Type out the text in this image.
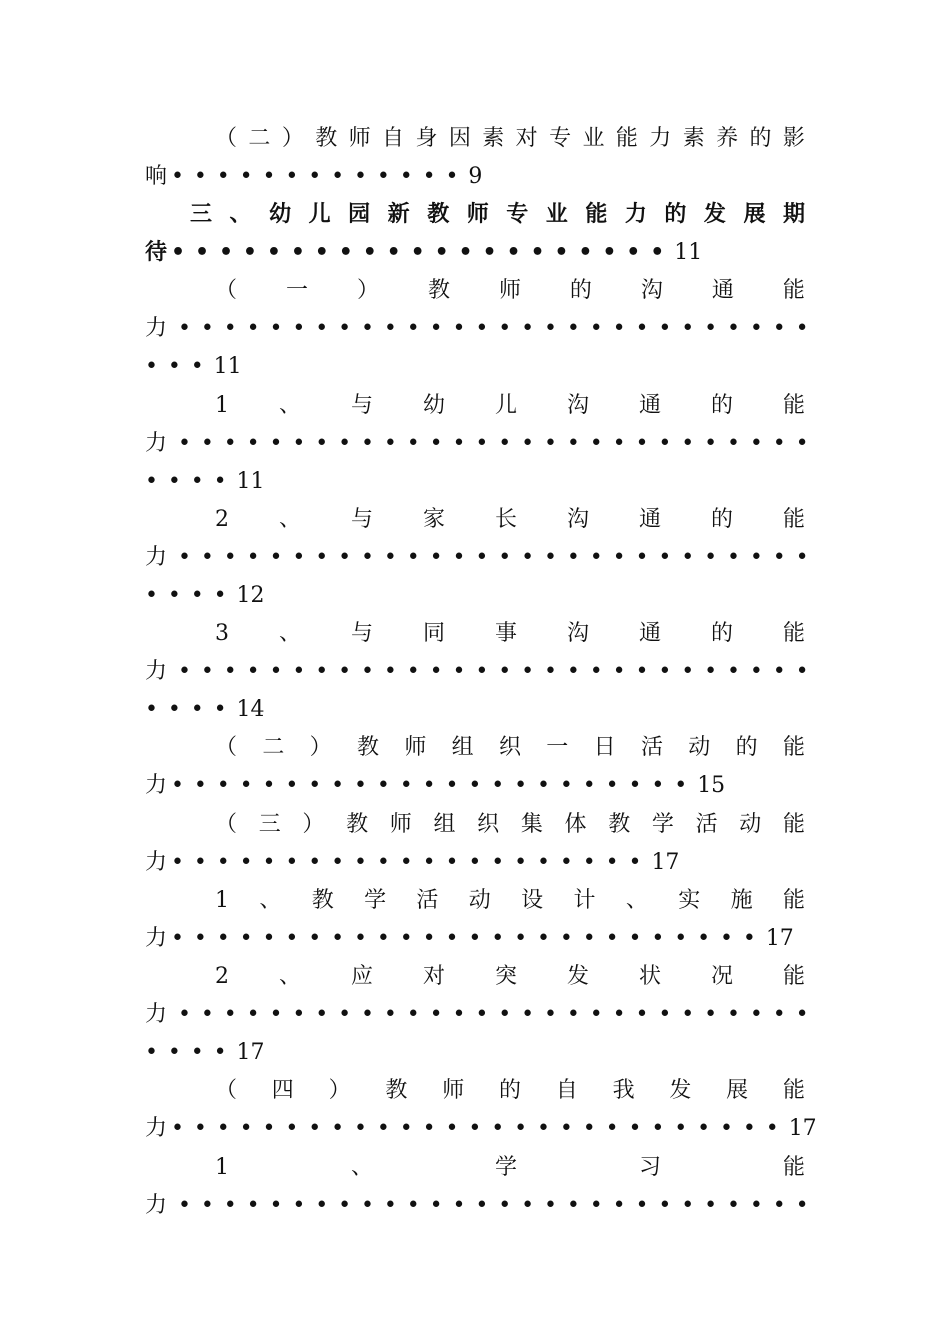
（ 二 ） 教 师 自 身 因 素 对 专 业 能 力 素 养 的 影
响 •••••••••••••9
三 、 幼 儿 园 新 教 师 专 业 能 力 的 发 展 期
待 •••••••••••••••••••••11
（ 一 ） 教 师 的 沟 通 能
力 ••••••••••••••••••••••••••••
•••11
1 、 与 幼 儿 沟 通 的 能
力 ••••••••••••••••••••••••••••
••••11
2 、 与 家 长 沟 通 的 能
力 ••••••••••••••••••••••••••••
••••12
3 、 与 同 事 沟 通 的 能
力 ••••••••••••••••••••••••••••
••••14
（ 二 ） 教 师 组 织 一 日 活 动 的 能
力 •••••••••••••••••••••••15
（ 三 ） 教 师 组 织 集 体 教 学 活 动 能
力 •••••••••••••••••••••17
1 、 教 学 活 动 设 计 、 实 施 能
力 ••••••••••••••••••••••••••17
2 、 应 对 突 发 状 况 能
力 ••••••••••••••••••••••••••••
••••17
（ 四 ） 教 师 的 自 我 发 展 能
力 •••••••••••••••••••••••••••17
1	、	学	习	能
力 ••••••••••••••••••••••••••••
